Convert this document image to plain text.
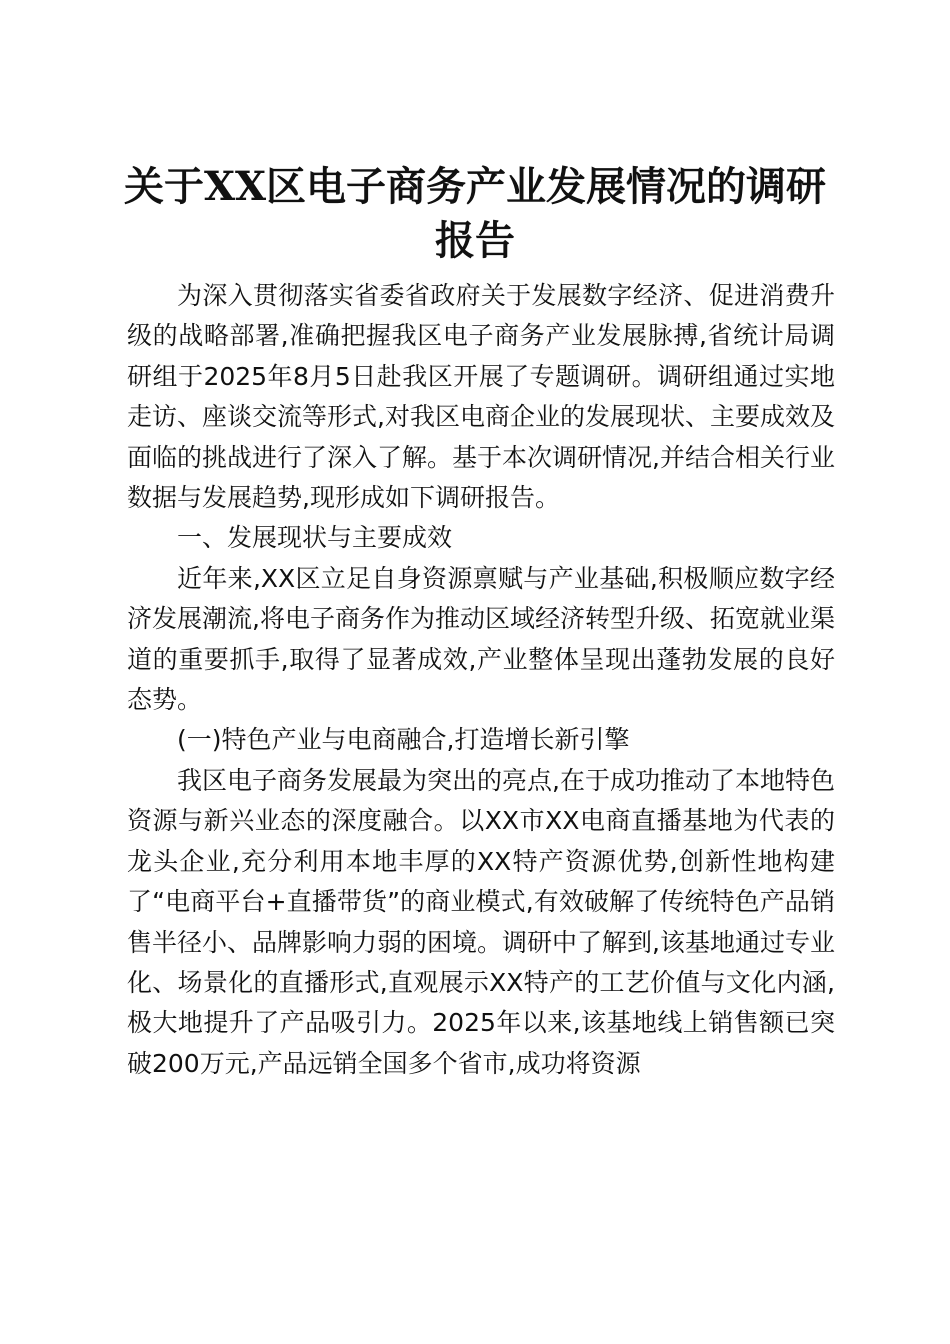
关于XX区电子商务产业发展情况的调研报告

为深入贯彻落实省委省政府关于发展数字经济、促进消费升级的战略部署,准确把握我区电子商务产业发展脉搏,省统计局调研组于2025年8月5日赴我区开展了专题调研。调研组通过实地走访、座谈交流等形式,对我区电商企业的发展现状、主要成效及面临的挑战进行了深入了解。基于本次调研情况,并结合相关行业数据与发展趋势,现形成如下调研报告。

一、发展现状与主要成效

近年来,XX区立足自身资源禀赋与产业基础,积极顺应数字经济发展潮流,将电子商务作为推动区域经济转型升级、拓宽就业渠道的重要抓手,取得了显著成效,产业整体呈现出蓬勃发展的良好态势。

(一)特色产业与电商融合,打造增长新引擎

我区电子商务发展最为突出的亮点,在于成功推动了本地特色资源与新兴业态的深度融合。以XX市XX电商直播基地为代表的龙头企业,充分利用本地丰厚的XX特产资源优势,创新性地构建了“电商平台+直播带货”的商业模式,有效破解了传统特色产品销售半径小、品牌影响力弱的困境。调研中了解到,该基地通过专业化、场景化的直播形式,直观展示XX特产的工艺价值与文化内涵,极大地提升了产品吸引力。2025年以来,该基地线上销售额已突破200万元,产品远销全国多个省市,成功将资源
